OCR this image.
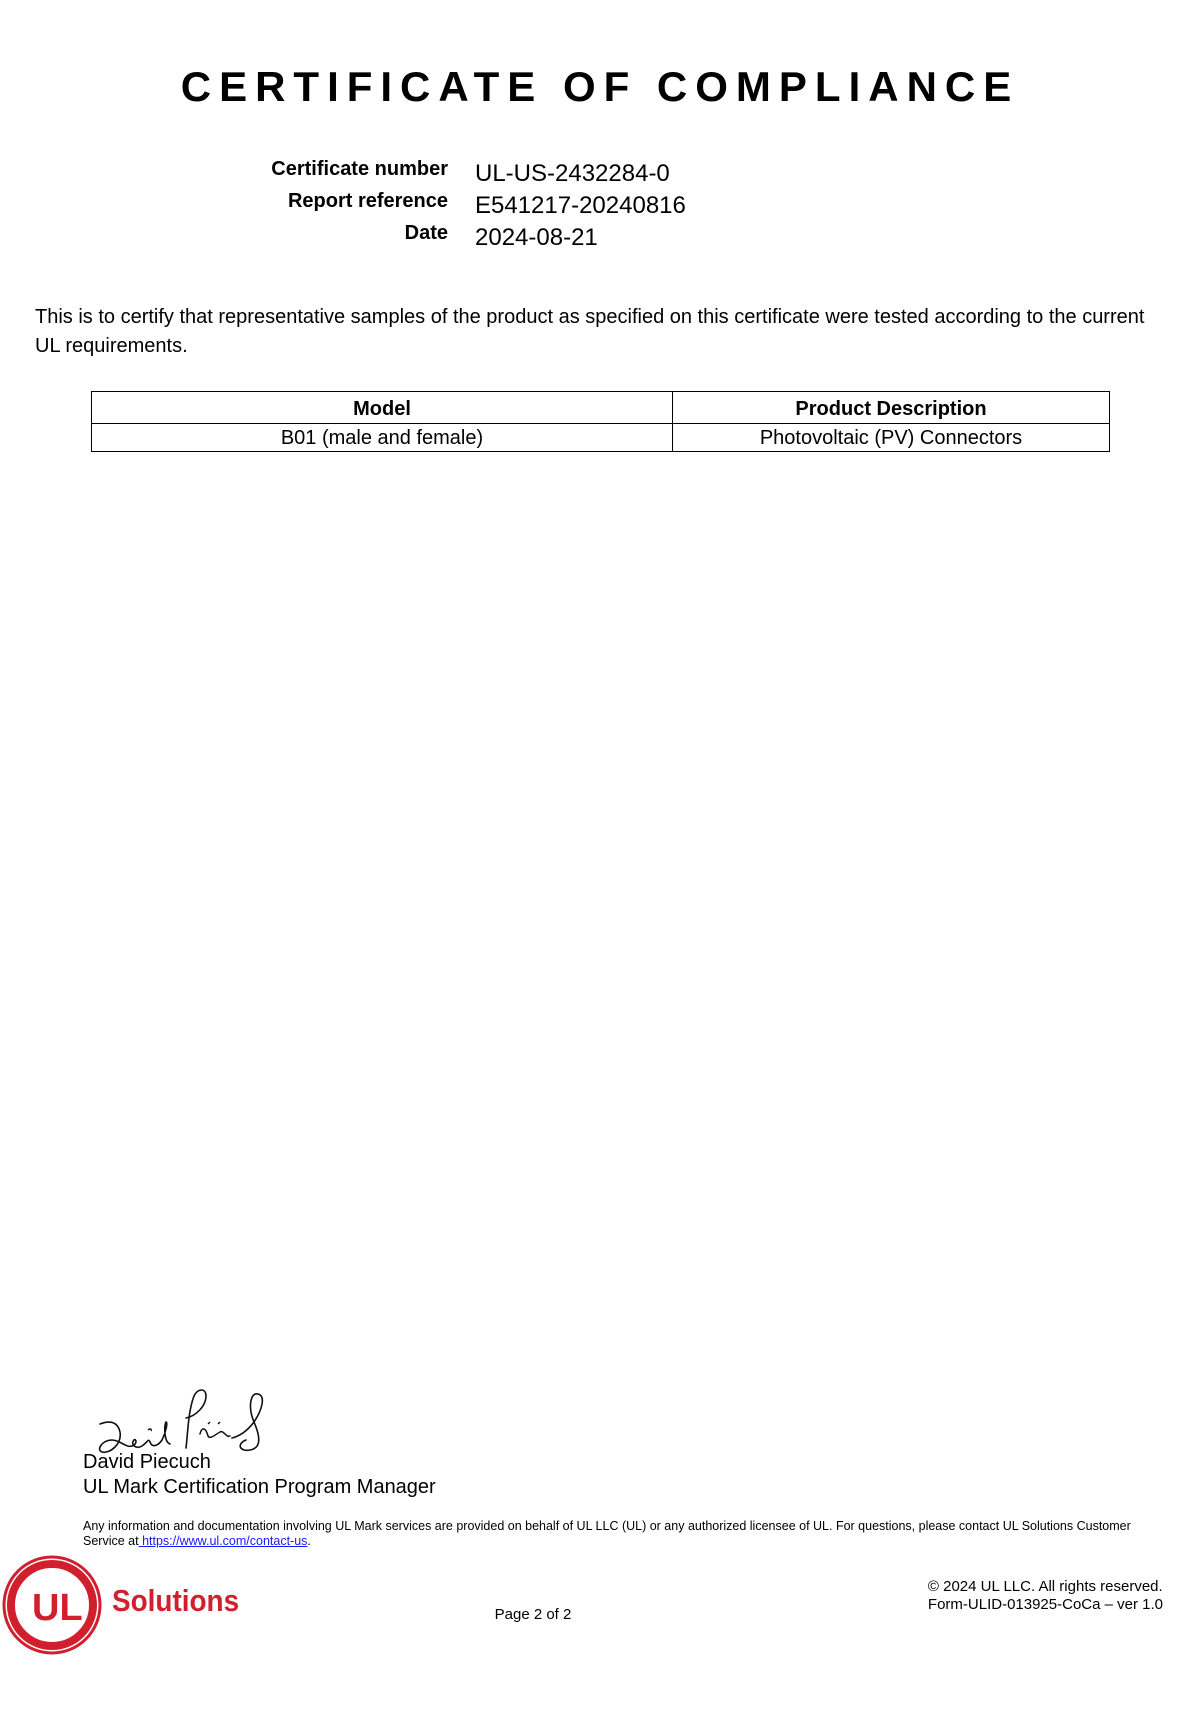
CERTIFICATE OF COMPLIANCE
Certificate number UL-US-2432284-0
Report reference E541217-20240816
Date 2024-08-21
This is to certify that representative samples of the product as specified on this certificate were tested according to the current UL requirements.
Model	Product Description
B01 (male and female)	Photovoltaic (PV) Connectors
David Piecuch
UL Mark Certification Program Manager
Any information and documentation involving UL Mark services are provided on behalf of UL LLC (UL) or any authorized licensee of UL. For questions, please contact UL Solutions Customer Service at https://www.ul.com/contact-us.
UL Solutions	Page 2 of 2
© 2024 UL LLC. All rights reserved.
Form-ULID-013925-CoCa – ver 1.0
